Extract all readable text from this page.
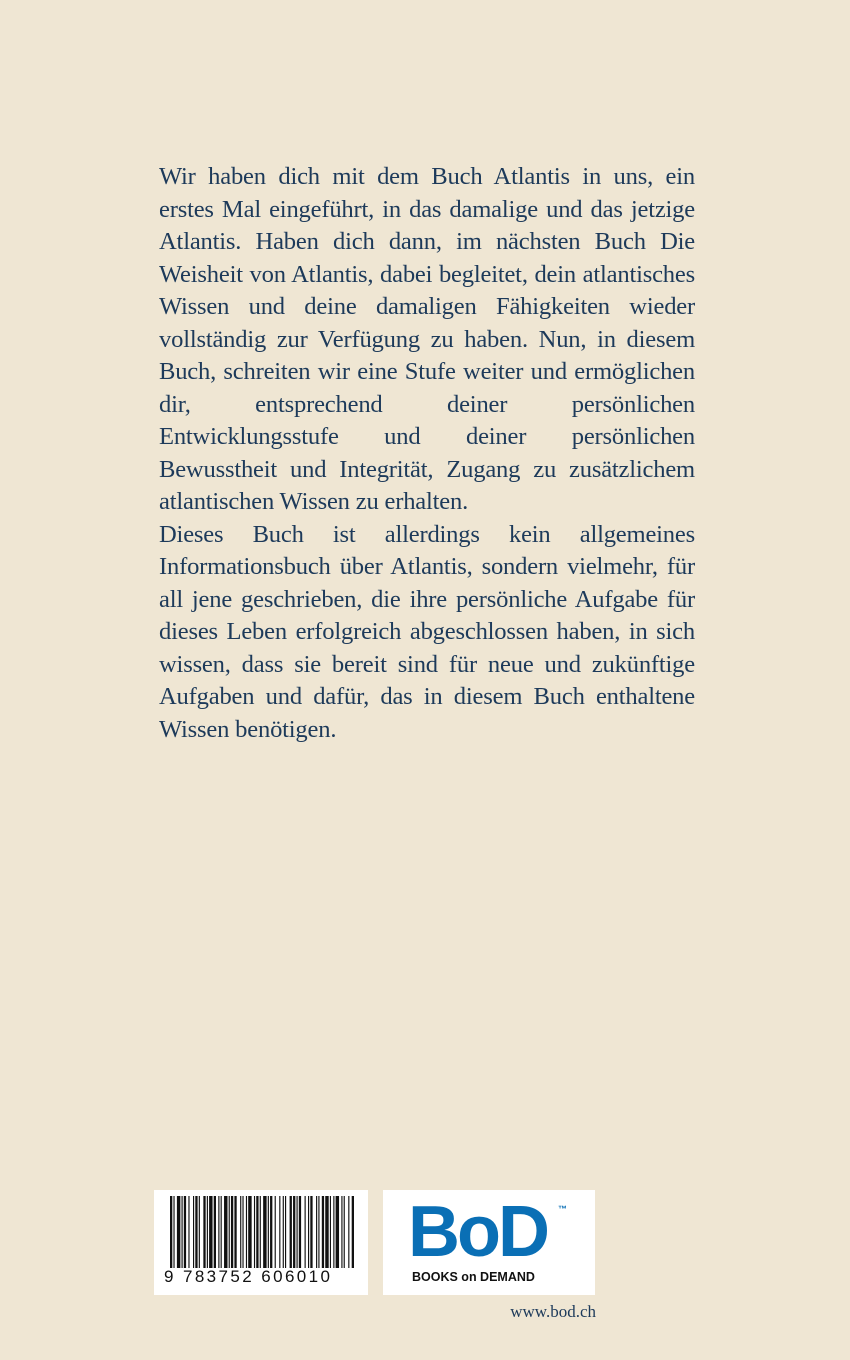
Wir haben dich mit dem Buch Atlantis in uns, ein erstes Mal eingeführt, in das damalige und das jetzige Atlantis. Haben dich dann, im nächsten Buch Die Weisheit von Atlantis, dabei begleitet, dein atlantisches Wissen und deine damaligen Fähigkeiten wieder vollständig zur Verfügung zu haben. Nun, in diesem Buch, schreiten wir eine Stufe weiter und ermöglichen dir, entsprechend deiner persönlichen Entwicklungsstufe und deiner persönlichen Bewusstheit und Integrität, Zugang zu zusätzlichem atlantischen Wissen zu erhalten.

Dieses Buch ist allerdings kein allgemeines Informationsbuch über Atlantis, sondern vielmehr, für all jene geschrieben, die ihre persönliche Aufgabe für dieses Leben erfolgreich abgeschlossen haben, in sich wissen, dass sie bereit sind für neue und zukünftige Aufgaben und dafür, das in diesem Buch enthaltene Wissen benötigen.

9 783752 606010
BoD ™
BOOKS on DEMAND
www.bod.ch
